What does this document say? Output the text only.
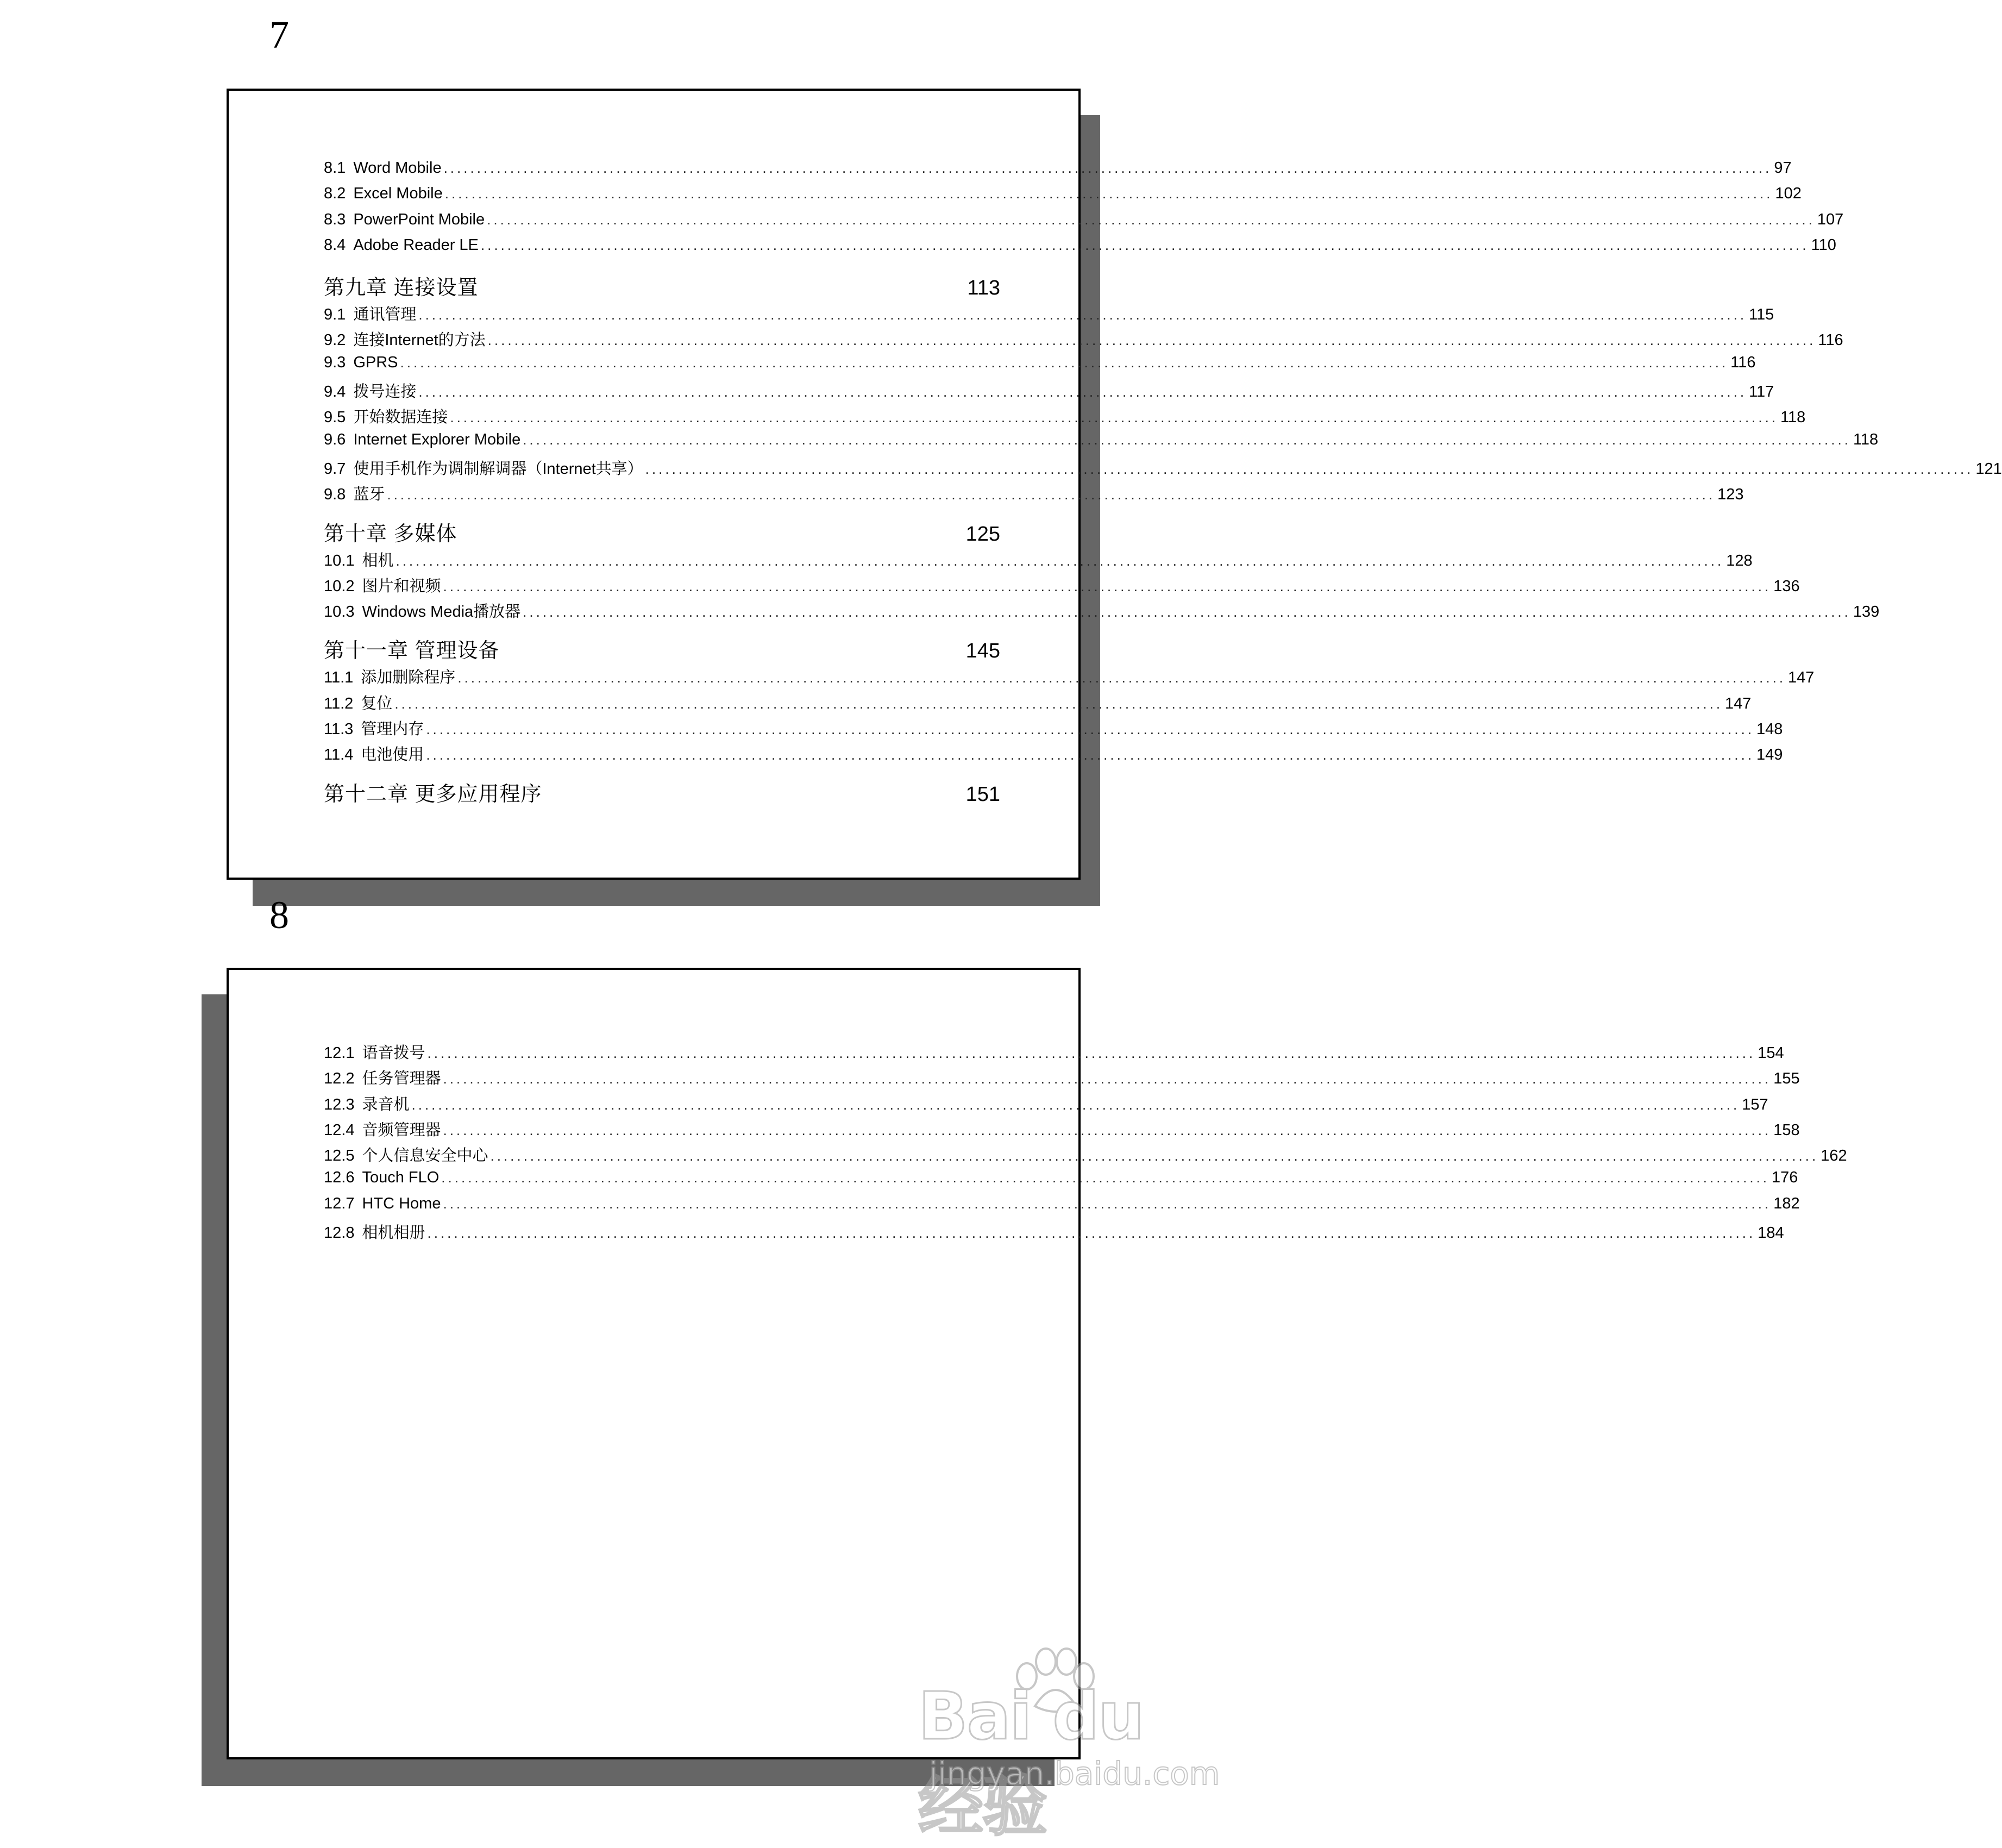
7
8.1 Word Mobile ........................................................................................................................................................................................................ 97
8.2 Excel Mobile ........................................................................................................................................................................................................ 102
8.3 PowerPoint Mobile ........................................................................................................................................................................................................ 107
8.4 Adobe Reader LE ........................................................................................................................................................................................................ 110
第九章 连接设置	113
9.1 通讯管理 ........................................................................................................................................................................................................ 115
9.2 连接Internet的方法 ........................................................................................................................................................................................................ 116
9.3 GPRS ........................................................................................................................................................................................................ 116
9.4 拨号连接 ........................................................................................................................................................................................................ 117
9.5 开始数据连接 ........................................................................................................................................................................................................ 118
9.6 Internet Explorer Mobile ........................................................................................................................................................................................................ 118
9.7 使用手机作为调制解调器（Internet共享） ........................................................................................................................................................................................................ 121
9.8 蓝牙 ........................................................................................................................................................................................................ 123
第十章 多媒体	125
10.1 相机 ........................................................................................................................................................................................................ 128
10.2 图片和视频 ........................................................................................................................................................................................................ 136
10.3 Windows Media播放器 ........................................................................................................................................................................................................ 139
第十一章 管理设备	145
11.1 添加删除程序 ........................................................................................................................................................................................................ 147
11.2 复位 ........................................................................................................................................................................................................ 147
11.3 管理内存 ........................................................................................................................................................................................................ 148
11.4 电池使用 ........................................................................................................................................................................................................ 149
第十二章 更多应用程序	151
8
12.1 语音拨号 ........................................................................................................................................................................................................ 154
12.2 任务管理器 ........................................................................................................................................................................................................ 155
12.3 录音机 ........................................................................................................................................................................................................ 157
12.4 音频管理器 ........................................................................................................................................................................................................ 158
12.5 个人信息安全中心 ........................................................................................................................................................................................................ 162
12.6 Touch FLO ........................................................................................................................................................................................................ 176
12.7 HTC Home ........................................................................................................................................................................................................ 182
12.8 相机相册 ........................................................................................................................................................................................................ 184
Bai du 经验
jingyan.baidu.com
